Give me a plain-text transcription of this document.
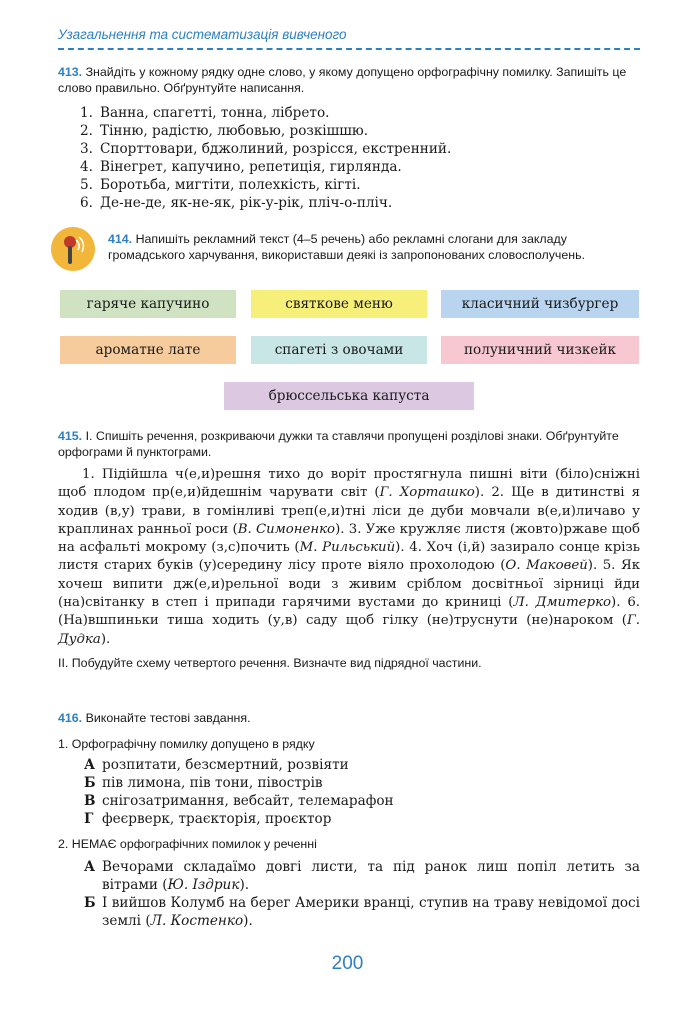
Узагальнення та систематизація вивченого

413. Знайдіть у кожному рядку одне слово, у якому допущено орфографічну помилку. Запишіть це слово правильно. Обґрунтуйте написання.

1. Ванна, спагетті, тонна, лібрето.
2. Тінню, радістю, любовью, розкішшю.
3. Спорттовари, бджолиний, розрісся, екстренний.
4. Вінегрет, капучино, репетиція, гирлянда.
5. Боротьба, мигтіти, полехкість, кігті.
6. Де-не-де, як-не-як, рік-у-рік, пліч-о-пліч.

414. Напишіть рекламний текст (4–5 речень) або рекламні слогани для закладу громадського харчування, використавши деякі із запропонованих словосполучень.

гаряче капучино	святкове меню	класичний чизбургер
ароматне лате	спагеті з овочами	полуничний чизкейк
брюссельська капуста

415. І. Спишіть речення, розкриваючи дужки та ставлячи пропущені розділові знаки. Обґрунтуйте орфограми й пунктограми.

1. Підійшла ч(е,и)решня тихо до воріт простягнула пишні віти (біло)сніжні щоб плодом пр(е,и)йдешнім чарувати світ (Г. Хорташко). 2. Ще в дитинстві я ходив (в,у) трави, в гомінливі треп(е,и)тні ліси де дуби мовчали в(е,и)личаво у краплинах ранньої роси (В. Симоненко). 3. Уже кружляє листя (жовто)ржаве щоб на асфальті мокрому (з,с)почить (М. Рильський). 4. Хоч (і,й) зазирало сонце крізь листя старих буків (у)середину лісу проте віяло прохолодою (О. Маковей). 5. Як хочеш випити дж(е,и)рельної води з живим сріблом досвітньої зірниці йди (на)світанку в степ і припади гарячими вустами до криниці (Л. Дмитерко). 6. (На)вшпиньки тиша ходить (у,в) саду щоб гілку (не)труснути (не)нароком (Г. Дудка).

ІІ. Побудуйте схему четвертого речення. Визначте вид підрядної частини.

416. Виконайте тестові завдання.

1. Орфографічну помилку допущено в рядку

А розпитати, безсмертний, розвіяти
Б пів лимона, пів тони, півострів
В снігозатримання, вебсайт, телемарафон
Г феєрверк, траєкторія, проєктор

2. НЕМАЄ орфографічних помилок у реченні

А Вечорами складаїмо довгі листи, та під ранок лиш попіл летить за вітрами (Ю. Іздрик).
Б І вийшов Колумб на берег Америки вранці, ступив на траву невідомої досі землі (Л. Костенко).
200
